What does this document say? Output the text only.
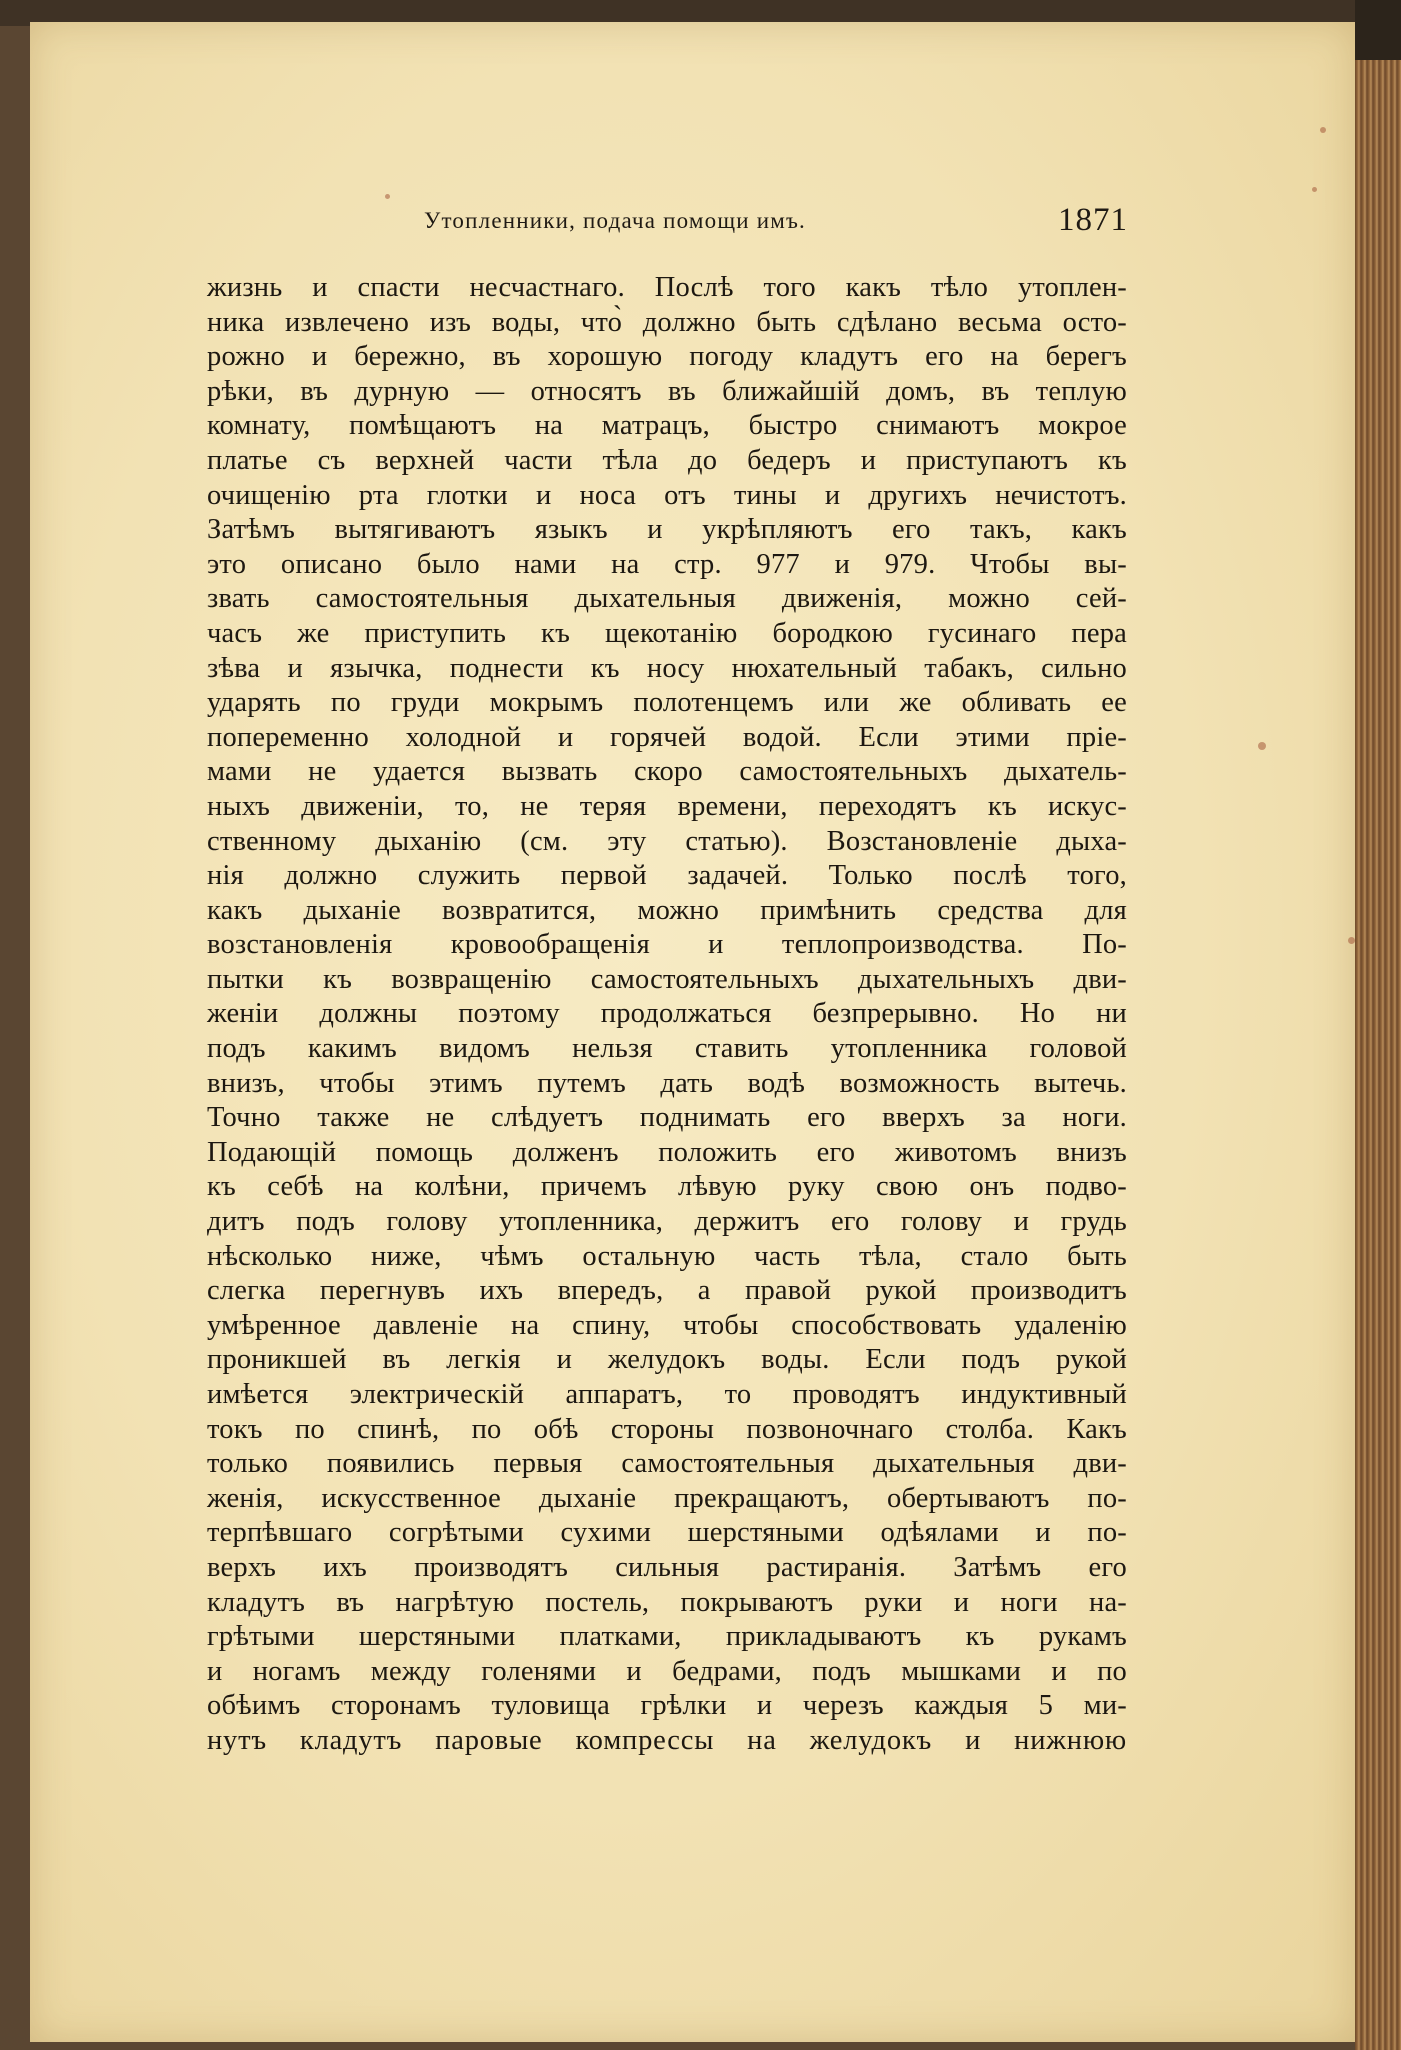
Утопленники, подача помощи имъ.	1871
жизнь и спасти несчастнаго. Послѣ того какъ тѣло утоплен-
ника извлечено изъ воды, что̀ должно быть сдѣлано весьма осто-
рожно и бережно, въ хорошую погоду кладутъ его на берегъ
рѣки, въ дурную — относятъ въ ближайшiй домъ, въ теплую
комнату, помѣщаютъ на матрацъ, быстро снимаютъ мокрое
платье съ верхней части тѣла до бедеръ и приступаютъ къ
очищенiю рта глотки и носа отъ тины и другихъ нечистотъ.
Затѣмъ вытягиваютъ языкъ и укрѣпляютъ его такъ, какъ
это описано было нами на стр. 977 и 979. Чтобы вы-
звать самостоятельныя дыхательныя движенiя, можно сей-
часъ же приступить къ щекотанiю бородкою гусинаго пера
зѣва и язычка, поднести къ носу нюхательный табакъ, сильно
ударять по груди мокрымъ полотенцемъ или же обливать ее
попеременно холодной и горячей водой. Если этими прiе-
мами не удается вызвать скоро самостоятельныхъ дыхатель-
ныхъ движенiи, то, не теряя времени, переходятъ къ искус-
ственному дыханiю (см. эту статью). Возстановленiе дыха-
нiя должно служить первой задачей. Только послѣ того,
какъ дыханiе возвратится, можно примѣнить средства для
возстановленiя кровообращенiя и теплопроизводства. По-
пытки къ возвращенiю самостоятельныхъ дыхательныхъ дви-
женiи должны поэтому продолжаться безпрерывно. Но ни
подъ какимъ видомъ нельзя ставить утопленника головой
внизъ, чтобы этимъ путемъ дать водѣ возможность вытечь.
Точно также не слѣдуетъ поднимать его вверхъ за ноги.
Подающiй помощь долженъ положить его животомъ внизъ
къ себѣ на колѣни, причемъ лѣвую руку свою онъ подво-
дитъ подъ голову утопленника, держитъ его голову и грудь
нѣсколько ниже, чѣмъ остальную часть тѣла, стало быть
слегка перегнувъ ихъ впередъ, а правой рукой производитъ
умѣренное давленiе на спину, чтобы способствовать удаленiю
проникшей въ легкiя и желудокъ воды. Если подъ рукой
имѣется электрическiй аппаратъ, то проводятъ индуктивный
токъ по спинѣ, по обѣ стороны позвоночнаго столба. Какъ
только появились первыя самостоятельныя дыхательныя дви-
женiя, искусственное дыханiе прекращаютъ, обертываютъ по-
терпѣвшаго согрѣтыми сухими шерстяными одѣялами и по-
верхъ ихъ производятъ сильныя растиранiя. Затѣмъ его
кладутъ въ нагрѣтую постель, покрываютъ руки и ноги на-
грѣтыми шерстяными платками, прикладываютъ къ рукамъ
и ногамъ между голенями и бедрами, подъ мышками и по
обѣимъ сторонамъ туловища грѣлки и черезъ каждыя 5 ми-
нутъ кладутъ паровые компрессы на желудокъ и нижнюю
